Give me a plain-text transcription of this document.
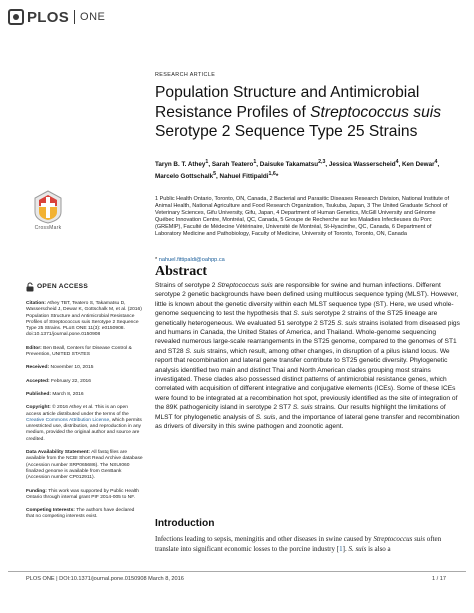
PLOS ONE
CrossMark
OPEN ACCESS
Citation: Athey TBT, Teatero S, Takamatsu D, Wasserscheid J, Dewar K, Gottschalk M, et al. (2016) Population Structure and Antimicrobial Resistance Profiles of Streptococcus suis Serotype 2 Sequence Type 25 Strains. PLoS ONE 11(3): e0150908. doi:10.1371/journal.pone.0150908
Editor: Ben Beall, Centers for Disease Control & Prevention, UNITED STATES
Received: November 10, 2015
Accepted: February 22, 2016
Published: March 8, 2016
Copyright: © 2016 Athey et al. This is an open access article distributed under the terms of the Creative Commons Attribution License, which permits unrestricted use, distribution, and reproduction in any medium, provided the original author and source are credited.
Data Availability Statement: All fastq files are available from the NCBI Short Read Archive database (Accession number SRP065686). The NSUI060 finalized genome is available from GenBank (Accession number CP012911).
Funding: This work was supported by Public Health Ontario through internal grant PIF 2014-005 to NF.
Competing Interests: The authors have declared that no competing interests exist.
RESEARCH ARTICLE
Population Structure and Antimicrobial Resistance Profiles of Streptococcus suis Serotype 2 Sequence Type 25 Strains
Taryn B. T. Athey$^1$, Sarah Teatero$^1$, Daisuke Takamatsu$^{2,3}$, Jessica Wasserscheid$^4$, Ken Dewar$^4$, Marcelo Gottschalk$^5$, Nahuel Fittipaldi$^{1,6}$*
1 Public Health Ontario, Toronto, ON, Canada, 2 Bacterial and Parasitic Diseases Research Division, National Institute of Animal Health, National Agriculture and Food Research Organization, Tsukuba, Japan, 3 The United Graduate School of Veterinary Sciences, Gifu University, Gifu, Japan, 4 Department of Human Genetics, McGill University and Génome Québec Innovation Centre, Montréal, QC, Canada, 5 Groupe de Recherche sur les Maladies Infectieuses du Porc (GREMIP), Faculté de Médecine Vétérinaire, Université de Montréal, St-Hyacinthe, QC, Canada, 6 Department of Laboratory Medicine and Pathobiology, Faculty of Medicine, University of Toronto, Toronto, ON, Canada
* nahuel.fittipaldi@oahpp.ca
Abstract

Strains of serotype 2 Streptococcus suis are responsible for swine and human infections. Different serotype 2 genetic backgrounds have been defined using multilocus sequence typing (MLST). However, little is known about the genetic diversity within each MLST sequence type (ST). Here, we used whole-genome sequencing to test the hypothesis that S. suis serotype 2 strains of the ST25 lineage are genetically heterogeneous. We evaluated 51 serotype 2 ST25 S. suis strains isolated from diseased pigs and humans in Canada, the United States of America, and Thailand. Whole-genome sequencing revealed numerous large-scale rearrangements in the ST25 genome, compared to the genomes of ST1 and ST28 S. suis strains, which result, among other changes, in disruption of a pilus island locus. We report that recombination and lateral gene transfer contribute to ST25 genetic diversity. Phylogenetic analysis identified two main and distinct Thai and North American clades grouping most strains investigated. These clades also possessed distinct patterns of antimicrobial resistance genes, which correlated with acquisition of different integrative and conjugative elements (ICEs). Some of these ICEs were found to be integrated at a recombination hot spot, previously identified as the site of integration of the 89K pathogenicity island in serotype 2 ST7 S. suis strains. Our results highlight the limitations of MLST for phylogenetic analysis of S. suis, and the importance of lateral gene transfer and recombination as drivers of diversity in this swine pathogen and zoonotic agent.

Introduction

Infections leading to sepsis, meningitis and other diseases in swine caused by Streptococcus suis often translate into significant economic losses to the porcine industry [1]. S. suis is also a

PLOS ONE | DOI:10.1371/journal.pone.0150908 March 8, 2016	1 / 17
